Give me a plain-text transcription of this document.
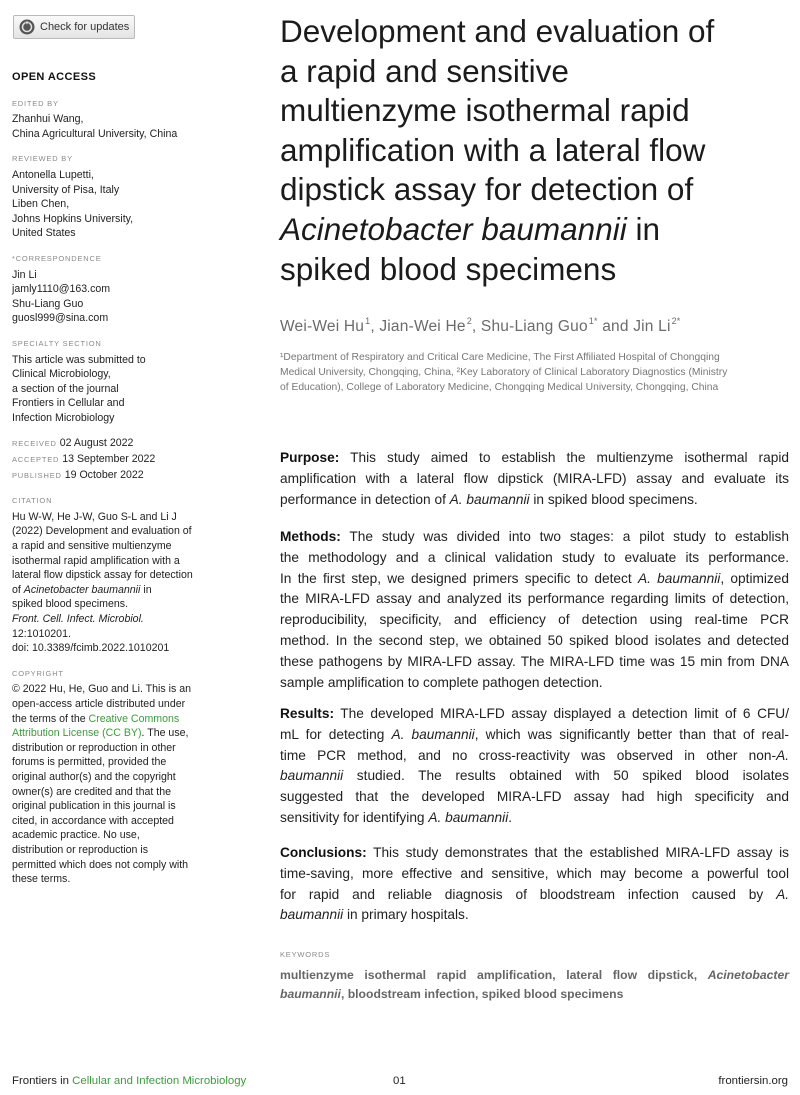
Check for updates
OPEN ACCESS
EDITED BY
Zhanhui Wang,
China Agricultural University, China
REVIEWED BY
Antonella Lupetti,
University of Pisa, Italy
Liben Chen,
Johns Hopkins University,
United States
*CORRESPONDENCE
Jin Li
jamly1110@163.com
Shu-Liang Guo
guosl999@sina.com
SPECIALTY SECTION
This article was submitted to
Clinical Microbiology,
a section of the journal
Frontiers in Cellular and
Infection Microbiology
RECEIVED 02 August 2022
ACCEPTED 13 September 2022
PUBLISHED 19 October 2022
CITATION
Hu W-W, He J-W, Guo S-L and Li J
(2022) Development and evaluation of
a rapid and sensitive multienzyme
isothermal rapid amplification with a
lateral flow dipstick assay for detection
of Acinetobacter baumannii in
spiked blood specimens.
Front. Cell. Infect. Microbiol.
12:1010201.
doi: 10.3389/fcimb.2022.1010201
COPYRIGHT
© 2022 Hu, He, Guo and Li. This is an
open-access article distributed under
the terms of the Creative Commons
Attribution License (CC BY). The use,
distribution or reproduction in other
forums is permitted, provided the
original author(s) and the copyright
owner(s) are credited and that the
original publication in this journal is
cited, in accordance with accepted
academic practice. No use,
distribution or reproduction is
permitted which does not comply with
these terms.
Development and evaluation of
a rapid and sensitive
multienzyme isothermal rapid
amplification with a lateral flow
dipstick assay for detection of
Acinetobacter baumannii in
spiked blood specimens
Wei-Wei Hu$^1$, Jian-Wei He$^2$, Shu-Liang Guo$^{1*}$ and Jin $Li^{2*}$
¹Department of Respiratory and Critical Care Medicine, The First Affiliated Hospital of Chongqing
Medical University, Chongqing, China, ²Key Laboratory of Clinical Laboratory Diagnostics (Ministry
of Education), College of Laboratory Medicine, Chongqing Medical University, Chongqing, China
Purpose: This study aimed to establish the multienzyme isothermal rapid
amplification with a lateral flow dipstick (MIRA-LFD) assay and evaluate its
performance in detection of A. baumannii in spiked blood specimens.
Methods: The study was divided into two stages: a pilot study to establish
the methodology and a clinical validation study to evaluate its performance.
In the first step, we designed primers specific to detect A. baumannii, optimized
the MIRA-LFD assay and analyzed its performance regarding limits of detection,
reproducibility, specificity, and efficiency of detection using real-time PCR
method. In the second step, we obtained 50 spiked blood isolates and detected
these pathogens by MIRA-LFD assay. The MIRA-LFD time was 15 min from DNA
sample amplification to complete pathogen detection.
Results: The developed MIRA-LFD assay displayed a detection limit of 6 CFU/
mL for detecting A. baumannii, which was significantly better than that of real-
time PCR method, and no cross-reactivity was observed in other non-A.
baumannii studied. The results obtained with 50 spiked blood isolates
suggested that the developed MIRA-LFD assay had high specificity and
sensitivity for identifying A. baumannii.
Conclusions: This study demonstrates that the established MIRA-LFD assay is
time-saving, more effective and sensitive, which may become a powerful tool
for rapid and reliable diagnosis of bloodstream infection caused by A.
baumannii in primary hospitals.
KEYWORDS
multienzyme isothermal rapid amplification, lateral flow dipstick, Acinetobacter
baumannii, bloodstream infection, spiked blood specimens
Frontiers in Cellular and Infection Microbiology	01	frontiersin.org
